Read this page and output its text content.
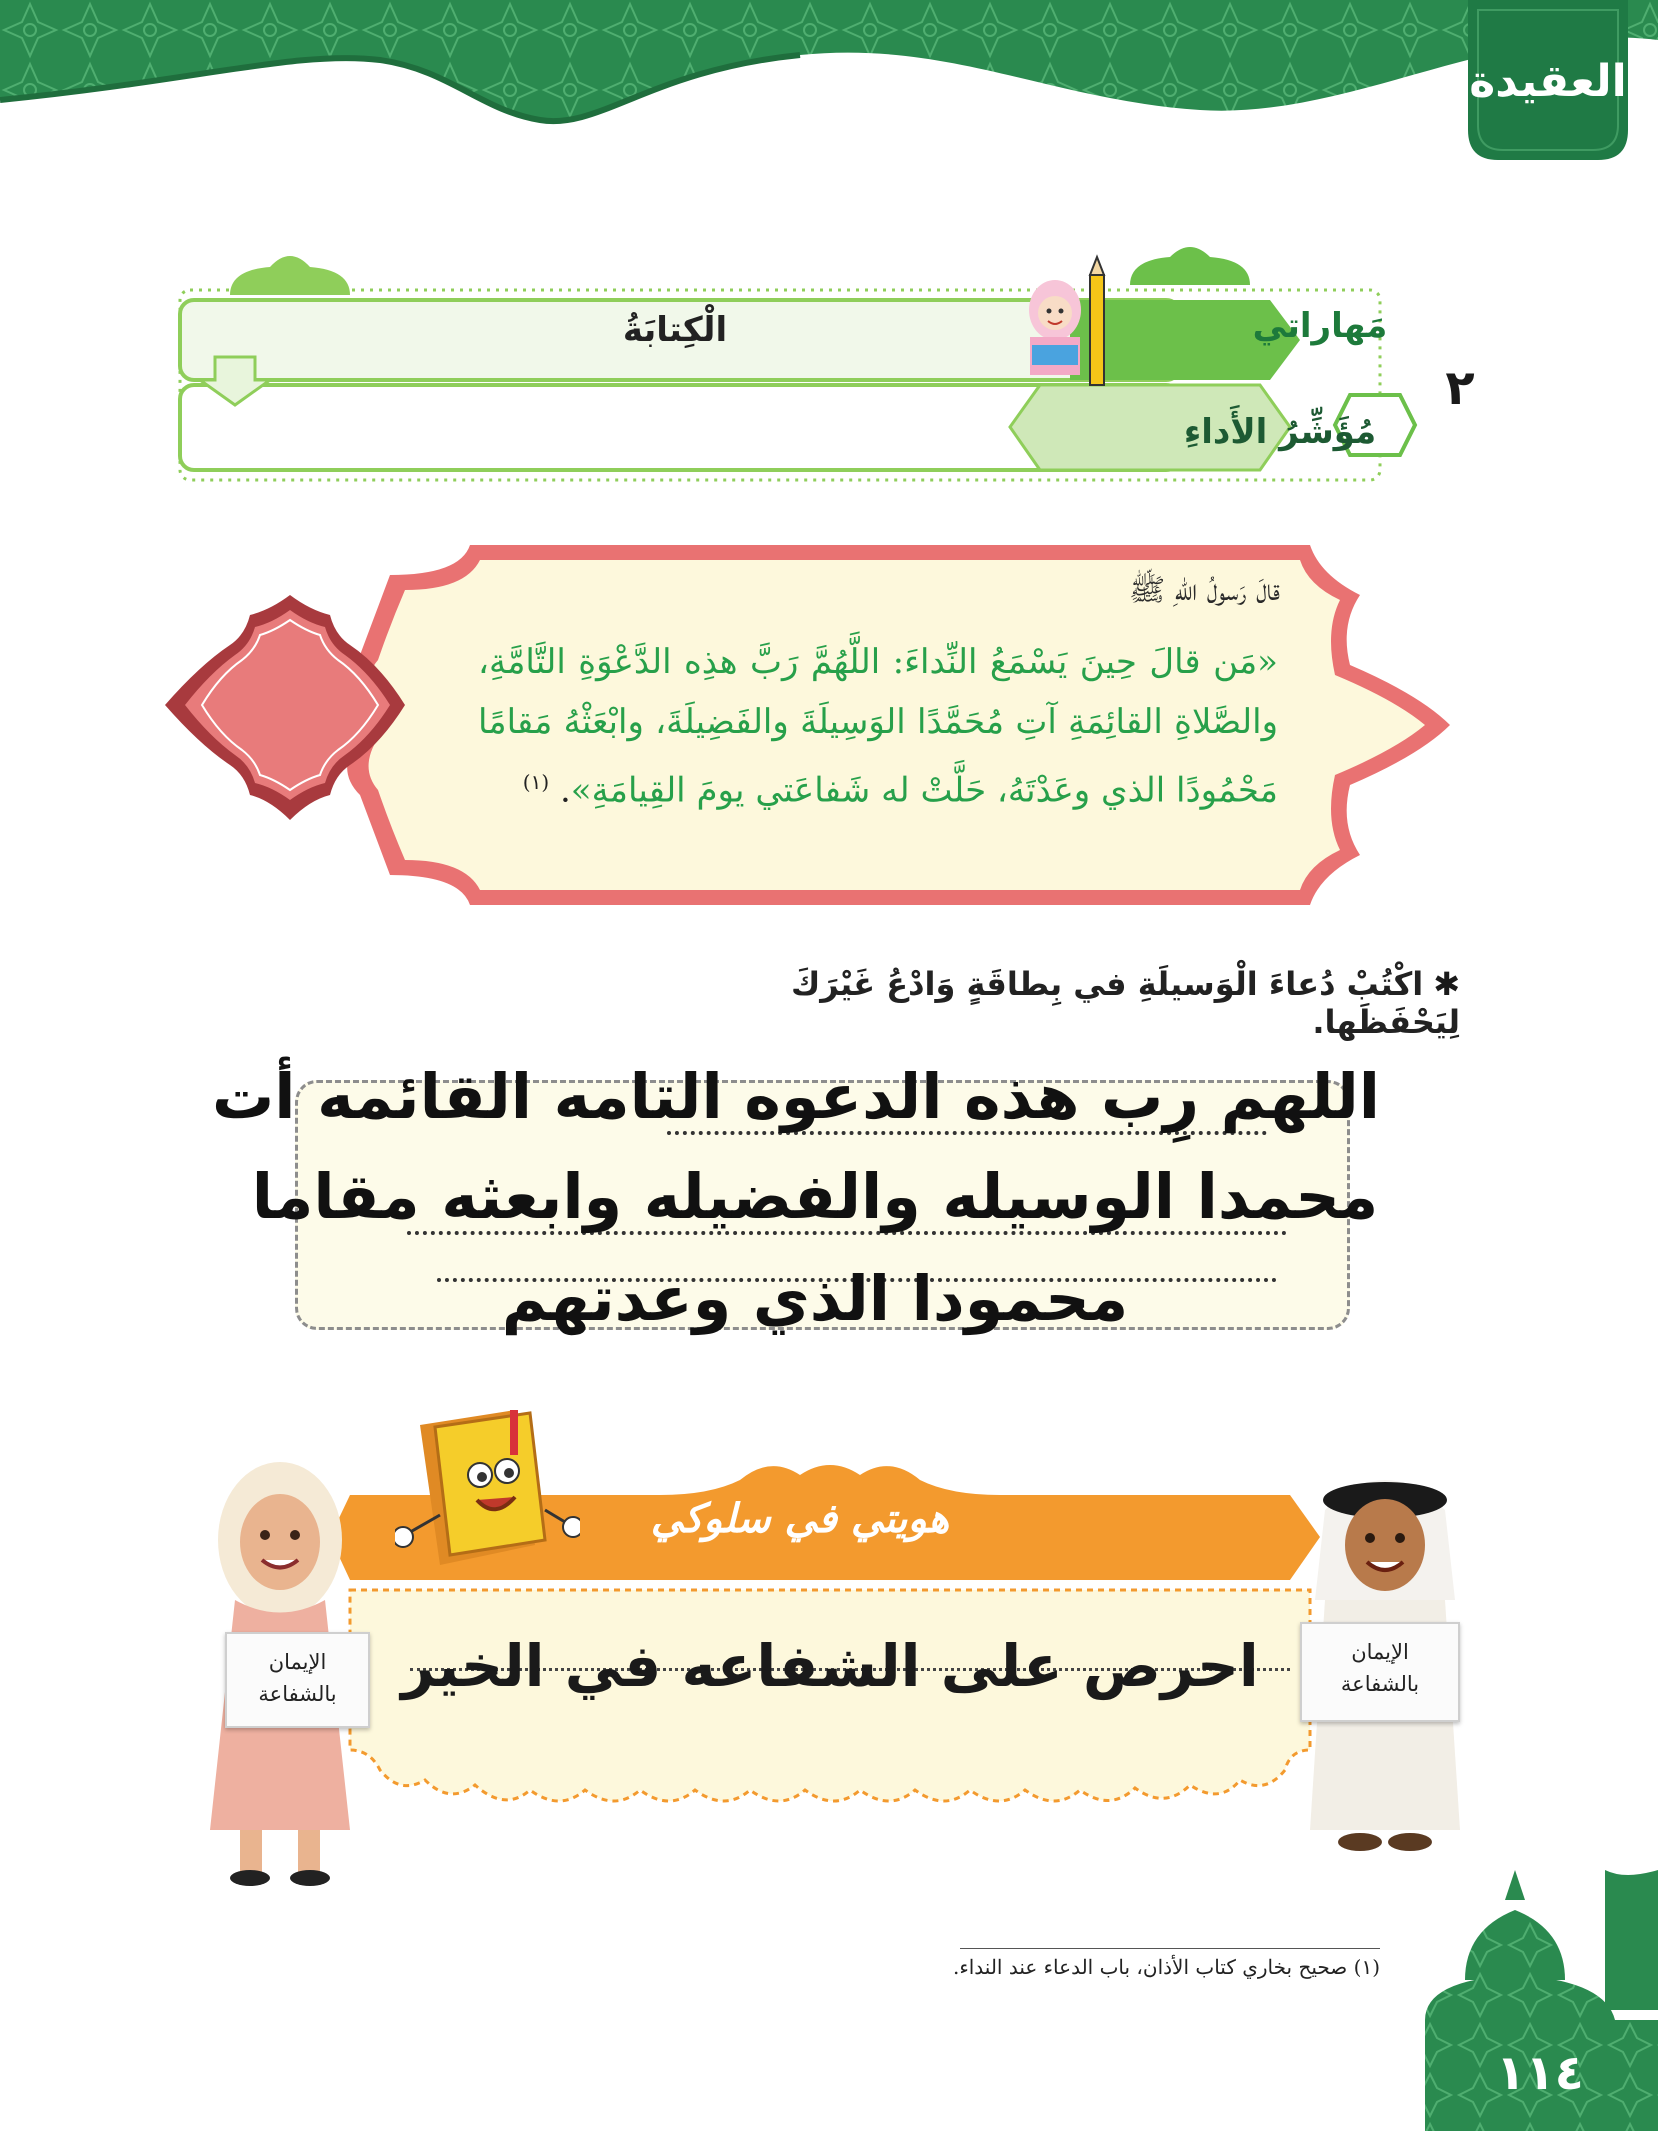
العقيدة
الْكِتابَةُ	مَهاراتي
مُؤَشِّرُ الأَداءِ
٢
قالَ رَسولُ اللهِ ﷺ
«مَن قالَ حِينَ يَسْمَعُ النِّداءَ: اللَّهُمَّ رَبَّ هذِه الدَّعْوَةِ التَّامَّةِ، والصَّلاةِ القائِمَةِ آتِ مُحَمَّدًا الوَسِيلَةَ والفَضِيلَةَ، وابْعَثْهُ مَقامًا مَحْمُودًا الذي وعَدْتَهُ، حَلَّتْ له شَفاعَتي يومَ القِيامَةِ». $^{(١)}$
✱اكْتُبْ دُعاءَ الْوَسيلَةِ في بِطاقَةٍ وَادْعُ غَيْرَكَ لِيَحْفَظَها.
اللهم رِب هذه الدعوه التامه القائمه أت
محمدا الوسيله والفضيله وابعثه مقاما
محمودا الذي وعدتهم
هويتي في سلوكي
احرص على الشفاعه في الخير
الإيمان
بالشفاعة
الإيمان
بالشفاعة
(١) صحيح بخاري كتاب الأذان، باب الدعاء عند النداء.
١١٤
